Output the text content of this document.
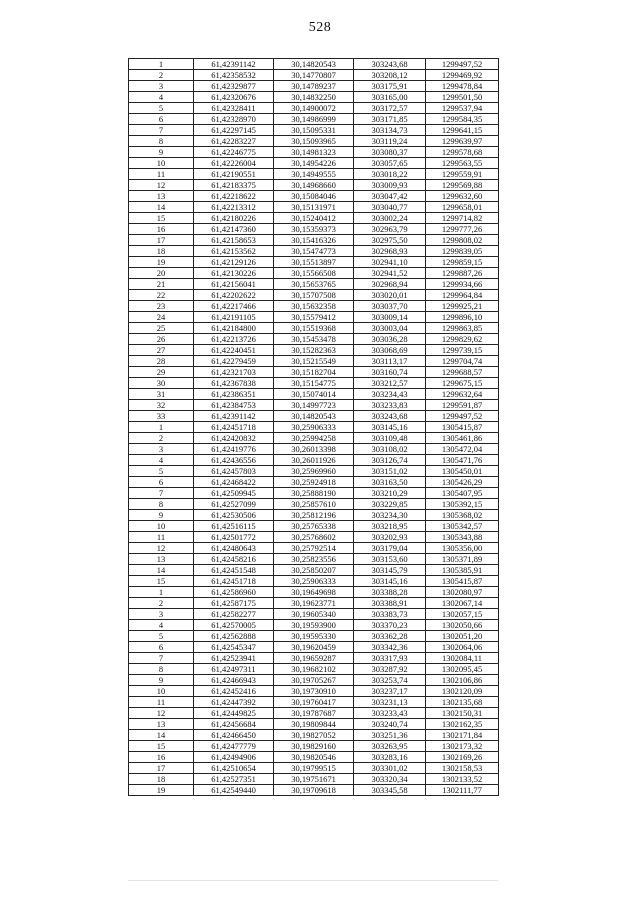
528
1	61,42391142	30,14820543	303243,68	1299497,52
2	61,42358532	30,14770807	303208,12	1299469,92
3	61,42329877	30,14789237	303175,91	1299478,84
4	61,42320676	30,14832250	303165,00	1299501,50
5	61,42328411	30,14900072	303172,57	1299537,94
6	61,42328970	30,14986999	303171,85	1299584,35
7	61,42297145	30,15095331	303134,73	1299641,15
8	61,42283227	30,15093965	303119,24	1299639,97
9	61,42246775	30,14981323	303080,37	1299578,68
10	61,42226004	30,14954226	303057,65	1299563,55
11	61,42190551	30,14949555	303018,22	1299559,91
12	61,42183375	30,14968660	303009,93	1299569,88
13	61,42218622	30,15084046	303047,42	1299632,60
14	61,42213312	30,15131971	303040,77	1299658,01
15	61,42180226	30,15240412	303002,24	1299714,82
16	61,42147360	30,15359373	302963,79	1299777,26
17	61,42158653	30,15416326	302975,50	1299808,02
18	61,42153562	30,15474773	302968,93	1299839,05
19	61,42129126	30,15513897	302941,10	1299859,15
20	61,42130226	30,15566508	302941,52	1299887,26
21	61,42156041	30,15653765	302968,94	1299934,66
22	61,42202622	30,15707508	303020,01	1299964,84
23	61,42217466	30,15632358	303037,70	1299925,21
24	61,42191105	30,15579412	303009,14	1299896,10
25	61,42184800	30,15519368	303003,04	1299863,85
26	61,42213726	30,15453478	303036,28	1299829,62
27	61,42240451	30,15282363	303068,69	1299739,15
28	61,42279459	30,15215549	303113,17	1299704,74
29	61,42321703	30,15182704	303160,74	1299688,57
30	61,42367838	30,15154775	303212,57	1299675,15
31	61,42386351	30,15074014	303234,43	1299632,64
32	61,42384753	30,14997723	303233,83	1299591,87
33	61,42391142	30,14820543	303243,68	1299497,52
1	61,42451718	30,25906333	303145,16	1305415,87
2	61,42420832	30,25994258	303109,48	1305461,86
3	61,42419776	30,26013398	303108,02	1305472,04
4	61,42436556	30,26011926	303126,74	1305471,76
5	61,42457803	30,25969960	303151,02	1305450,01
6	61,42468422	30,25924918	303163,50	1305426,29
7	61,42509945	30,25888190	303210,29	1305407,95
8	61,42527099	30,25857610	303229,85	1305392,15
9	61,42530506	30,25812196	303234,30	1305368,02
10	61,42516115	30,25765338	303218,95	1305342,57
11	61,42501772	30,25768602	303202,93	1305343,88
12	61,42480643	30,25792514	303179,04	1305356,00
13	61,42458216	30,25823556	303153,60	1305371,89
14	61,42451548	30,25850207	303145,79	1305385,91
15	61,42451718	30,25906333	303145,16	1305415,87
1	61,42586960	30,19649698	303388,28	1302080,97
2	61,42587175	30,19623771	303388,91	1302067,14
3	61,42582277	30,19605340	303383,73	1302057,15
4	61,42570005	30,19593900	303370,23	1302050,66
5	61,42562888	30,19595330	303362,28	1302051,20
6	61,42545347	30,19620459	303342,36	1302064,06
7	61,42523941	30,19659287	303317,93	1302084,11
8	61,42497311	30,19682102	303287,92	1302095,45
9	61,42466943	30,19705267	303253,74	1302106,86
10	61,42452416	30,19730910	303237,17	1302120,09
11	61,42447392	30,19760417	303231,13	1302135,68
12	61,42449825	30,19787687	303233,43	1302150,31
13	61,42456684	30,19809844	303240,74	1302162,35
14	61,42466450	30,19827052	303251,36	1302171,84
15	61,42477779	30,19829160	303263,95	1302173,32
16	61,42494906	30,19820546	303283,16	1302169,26
17	61,42510654	30,19799515	303301,02	1302158,53
18	61,42527351	30,19751671	303320,34	1302133,52
19	61,42549440	30,19709618	303345,58	1302111,77
